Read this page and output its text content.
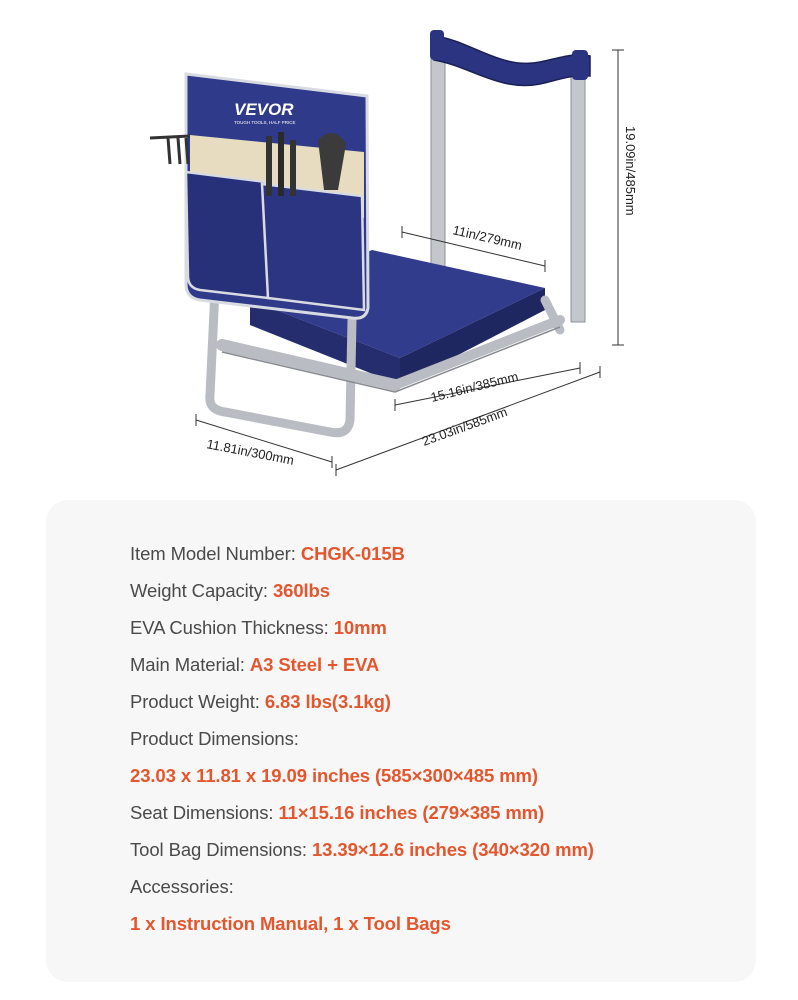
VEVOR
TOUGH TOOLS, HALF PRICE
19.09in/485mm
11in/279mm
15.16in/385mm
23.03in/585mm
11.81in/300mm
Item Model Number: CHGK-015B
Weight Capacity: 360lbs
EVA Cushion Thickness: 10mm
Main Material: A3 Steel + EVA
Product Weight: 6.83 lbs(3.1kg)
Product Dimensions:
23.03 x 11.81 x 19.09 inches (585×300×485 mm)
Seat Dimensions: 11×15.16 inches (279×385 mm)
Tool Bag Dimensions: 13.39×12.6 inches (340×320 mm)
Accessories:
1 x Instruction Manual, 1 x Tool Bags
